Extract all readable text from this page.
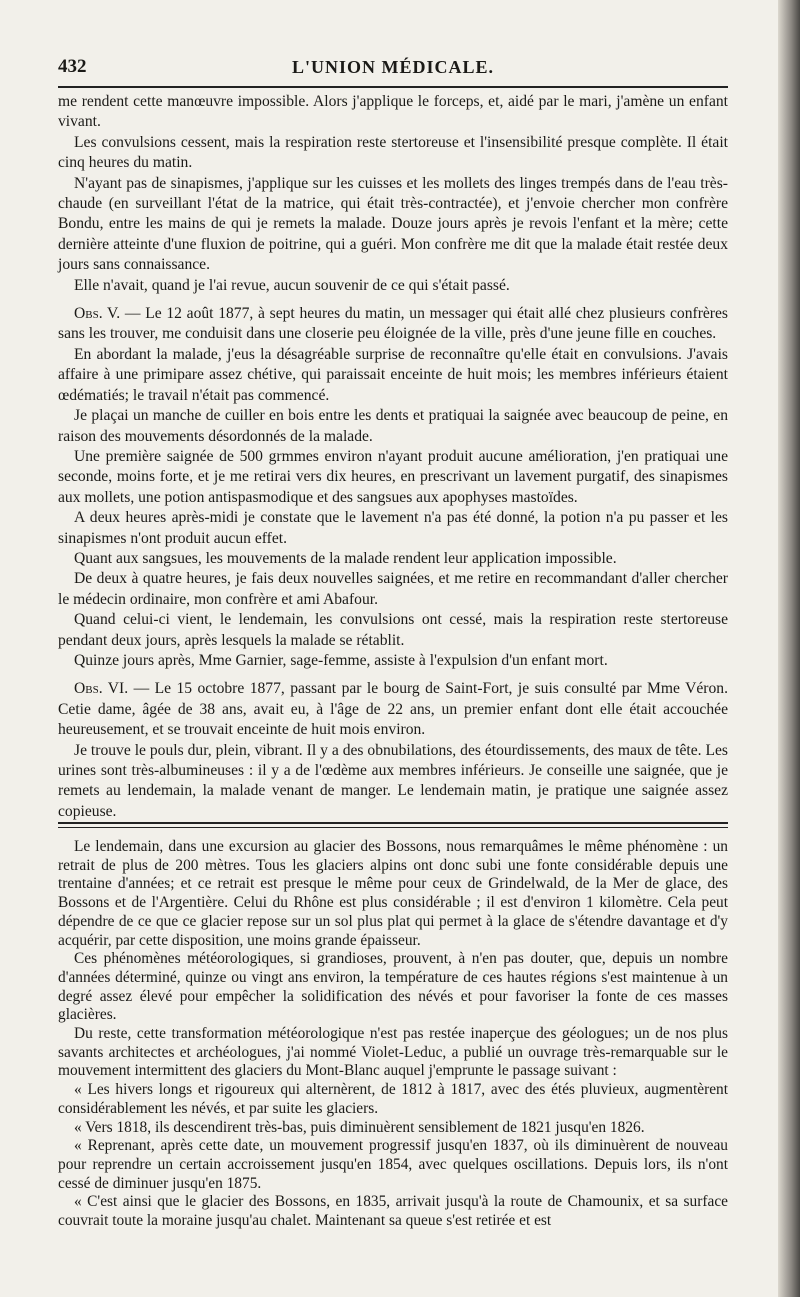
432	L'UNION MÉDICALE.

me rendent cette manœuvre impossible. Alors j'applique le forceps, et, aidé par le mari, j'amène un enfant vivant.

Les convulsions cessent, mais la respiration reste stertoreuse et l'insensibilité presque complète. Il était cinq heures du matin.

N'ayant pas de sinapismes, j'applique sur les cuisses et les mollets des linges trempés dans de l'eau très-chaude (en surveillant l'état de la matrice, qui était très-contractée), et j'envoie chercher mon confrère Bondu, entre les mains de qui je remets la malade. Douze jours après je revois l'enfant et la mère; cette dernière atteinte d'une fluxion de poitrine, qui a guéri. Mon confrère me dit que la malade était restée deux jours sans connaissance.

Elle n'avait, quand je l'ai revue, aucun souvenir de ce qui s'était passé.

Obs. V. — Le 12 août 1877, à sept heures du matin, un messager qui était allé chez plusieurs confrères sans les trouver, me conduisit dans une closerie peu éloignée de la ville, près d'une jeune fille en couches.

En abordant la malade, j'eus la désagréable surprise de reconnaître qu'elle était en convulsions. J'avais affaire à une primipare assez chétive, qui paraissait enceinte de huit mois; les membres inférieurs étaient œdématiés; le travail n'était pas commencé.

Je plaçai un manche de cuiller en bois entre les dents et pratiquai la saignée avec beaucoup de peine, en raison des mouvements désordonnés de la malade.

Une première saignée de 500 grmmes environ n'ayant produit aucune amélioration, j'en pratiquai une seconde, moins forte, et je me retirai vers dix heures, en prescrivant un lavement purgatif, des sinapismes aux mollets, une potion antispasmodique et des sangsues aux apophyses mastoïdes.

A deux heures après-midi je constate que le lavement n'a pas été donné, la potion n'a pu passer et les sinapismes n'ont produit aucun effet.

Quant aux sangsues, les mouvements de la malade rendent leur application impossible.

De deux à quatre heures, je fais deux nouvelles saignées, et me retire en recommandant d'aller chercher le médecin ordinaire, mon confrère et ami Abafour.

Quand celui-ci vient, le lendemain, les convulsions ont cessé, mais la respiration reste stertoreuse pendant deux jours, après lesquels la malade se rétablit.

Quinze jours après, Mme Garnier, sage-femme, assiste à l'expulsion d'un enfant mort.

Obs. VI. — Le 15 octobre 1877, passant par le bourg de Saint-Fort, je suis consulté par Mme Véron. Cetie dame, âgée de 38 ans, avait eu, à l'âge de 22 ans, un premier enfant dont elle était accouchée heureusement, et se trouvait enceinte de huit mois environ.

Je trouve le pouls dur, plein, vibrant. Il y a des obnubilations, des étourdissements, des maux de tête. Les urines sont très-albumineuses : il y a de l'œdème aux membres inférieurs. Je conseille une saignée, que je remets au lendemain, la malade venant de manger. Le lendemain matin, je pratique une saignée assez copieuse.

Le lendemain, dans une excursion au glacier des Bossons, nous remarquâmes le même phénomène : un retrait de plus de 200 mètres. Tous les glaciers alpins ont donc subi une fonte considérable depuis une trentaine d'années; et ce retrait est presque le même pour ceux de Grindelwald, de la Mer de glace, des Bossons et de l'Argentière. Celui du Rhône est plus considérable ; il est d'environ 1 kilomètre. Cela peut dépendre de ce que ce glacier repose sur un sol plus plat qui permet à la glace de s'étendre davantage et d'y acquérir, par cette disposition, une moins grande épaisseur.

Ces phénomènes météorologiques, si grandioses, prouvent, à n'en pas douter, que, depuis un nombre d'années déterminé, quinze ou vingt ans environ, la température de ces hautes régions s'est maintenue à un degré assez élevé pour empêcher la solidification des névés et pour favoriser la fonte de ces masses glacières.

Du reste, cette transformation météorologique n'est pas restée inaperçue des géologues; un de nos plus savants architectes et archéologues, j'ai nommé Violet-Leduc, a publié un ouvrage très-remarquable sur le mouvement intermittent des glaciers du Mont-Blanc auquel j'emprunte le passage suivant :

« Les hivers longs et rigoureux qui alternèrent, de 1812 à 1817, avec des étés pluvieux, augmentèrent considérablement les névés, et par suite les glaciers.

« Vers 1818, ils descendirent très-bas, puis diminuèrent sensiblement de 1821 jusqu'en 1826.

« Reprenant, après cette date, un mouvement progressif jusqu'en 1837, où ils diminuèrent de nouveau pour reprendre un certain accroissement jusqu'en 1854, avec quelques oscillations. Depuis lors, ils n'ont cessé de diminuer jusqu'en 1875.

« C'est ainsi que le glacier des Bossons, en 1835, arrivait jusqu'à la route de Chamounix, et sa surface couvrait toute la moraine jusqu'au chalet. Maintenant sa queue s'est retirée et est
